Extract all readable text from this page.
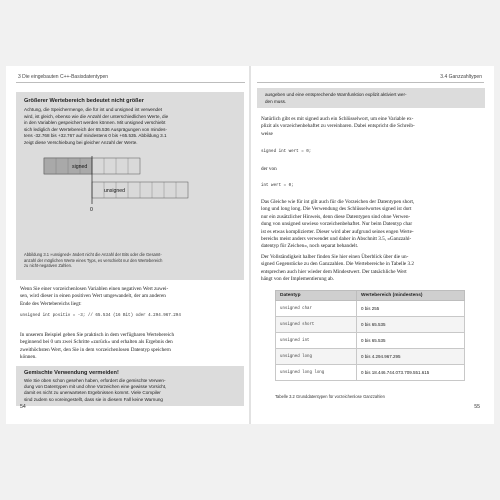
3 Die eingebauten C++-Basisdatentypen
Größerer Wertebereich bedeutet nicht größer
Achtung, die Speichermenge, die für int und unsigned int verwendet
wird, ist gleich, ebenso wie die Anzahl der unterschiedlichen Werte, die
in den Variablen gespeichert werden können. Mit unsigned verschiebt
sich lediglich der Wertebereich der 65.536 Ausprägungen von mindes-
tens -32.768 bis +32.767 auf mindestens 0 bis +65.535. Abbildung 3.1
zeigt diese Verschiebung bei gleicher Anzahl der Werte.
signed
unsigned
0
Abbildung 3.1 »unsigned« ändert nicht die Anzahl der Bits oder die Gesamt-
anzahl der möglichen Werte eines Typs, es verschiebt nur den Wertebereich
zu nicht-negativen Zahlen.
Wenn Sie einer vorzeichenlosen Variablen einen negativen Wert zuwei-
sen, wird dieser in einen positiven Wert umgewandelt, der am anderen
Ende des Wertebereichs liegt:
unsigned int positiv = -3; // 65.534 (16 Bit) oder 4.294.967.294
In unserem Beispiel geben Sie praktisch in dem verfügbaren Wertebereich
beginnend bei 0 um zwei Schritte »zurück« und erhalten als Ergebnis den
zweithöchsten Wert, den Sie in dem vorzeichenlosen Datentyp speichern
können.
Gemischte Verwendung vermeiden!
Wie Sie oben schon gesehen haben, erfordert die gemischte Verwen-
dung von Datentypen mit und ohne Vorzeichen eine gewisse Vorsicht,
damit es nicht zu unerwarteten Ergebnissen kommt. Viele Compiler
sind zudem so voreingestellt, dass sie in diesem Fall keine Warnung
54
3.4 Ganzzahltypen
ausgeben und eine entsprechende Warnfunktion explizit aktiviert wer-
den muss.
Natürlich gibt es mit signed auch ein Schlüsselwort, um eine Variable ex-
plizit als vorzeichenbehaftet zu vereinbaren. Dabei entspricht die Schreib-
weise
signed int wert = 0;
der von
int wert = 0;
Das Gleiche wie für int gilt auch für die Vorzeichen der Datentypen short,
long und long long. Die Verwendung des Schlüsselwortes signed ist dort
nur ein zusätzlicher Hinweis, denn diese Datentypen sind ohne Verwen-
dung von unsigned sowieso vorzeichenbehaftet. Nur beim Datentyp char
ist es etwas komplizierter. Dieser wird aber aufgrund seines engen Werte-
bereichs meist anders verwendet und daher in Abschnitt 3.5, »Ganzzahl-
datentyp für Zeichen«, noch separat behandelt.
Der Vollständigkeit halber finden Sie hier einen Überblick über die un-
signed Gegenstücke zu den Ganzzahlen. Die Wertebereiche in Tabelle 3.2
entsprechen auch hier wieder dem Mindestwert. Der tatsächliche Wert
hängt von der Implementierung ab.
Datentyp	Wertebereich (mindestens)
unsigned char	0 bis 255
unsigned short	0 bis 65.535
unsigned int	0 bis 65.535
unsigned long	0 bis 4.294.967.295
unsigned long long	0 bis 18.446.744.073.709.551.615
Tabelle 3.2 Grunddatentypen für vorzeichenlose Ganzzahlen
55
